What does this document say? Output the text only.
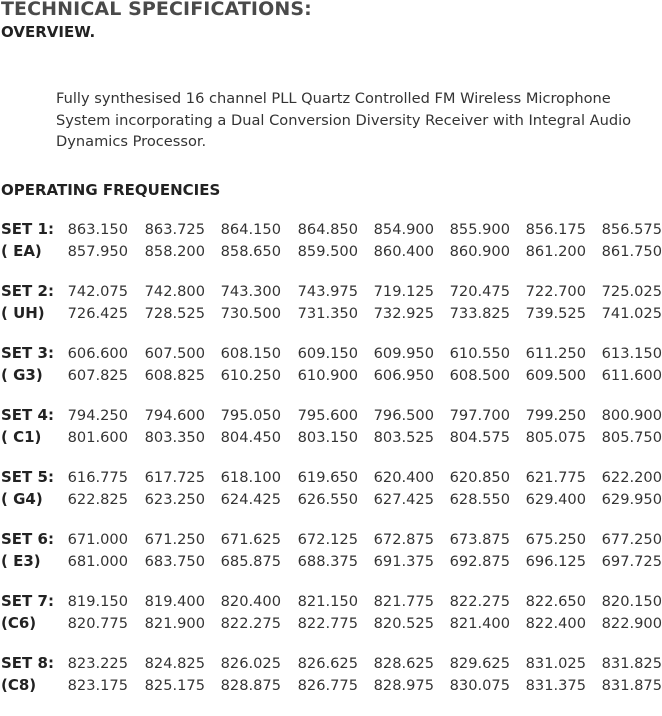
TECHNICAL SPECIFICATIONS:
OVERVIEW.

Fully synthesised 16 channel PLL Quartz Controlled FM Wireless Microphone
System incorporating a Dual Conversion Diversity Receiver with Integral Audio
Dynamics Processor.

OPERATING FREQUENCIES
SET 1: 863.150	863.725	864.150	864.850	854.900	855.900	856.175	856.575
( EA)	857.950	858.200	858.650	859.500	860.400	860.900	861.200	861.750
SET 2: 742.075	742.800	743.300	743.975	719.125	720.475	722.700	725.025
( UH)	726.425	728.525	730.500	731.350	732.925	733.825	739.525	741.025
SET 3: 606.600	607.500	608.150	609.150	609.950	610.550	611.250	613.150
( G3)	607.825	608.825	610.250	610.900	606.950	608.500	609.500	611.600
SET 4: 794.250	794.600	795.050	795.600	796.500	797.700	799.250	800.900
( C1)	801.600	803.350	804.450	803.150	803.525	804.575	805.075	805.750
SET 5: 616.775	617.725	618.100	619.650	620.400	620.850	621.775	622.200
( G4)	622.825	623.250	624.425	626.550	627.425	628.550	629.400	629.950
SET 6: 671.000	671.250	671.625	672.125	672.875	673.875	675.250	677.250
( E3)	681.000	683.750	685.875	688.375	691.375	692.875	696.125	697.725
SET 7: 819.150	819.400	820.400	821.150	821.775	822.275	822.650	820.150
(C6)	820.775	821.900	822.275	822.775	820.525	821.400	822.400	822.900
SET 8: 823.225	824.825	826.025	826.625	828.625	829.625	831.025	831.825
(C8)	823.175	825.175	828.875	826.775	828.975	830.075	831.375	831.875
